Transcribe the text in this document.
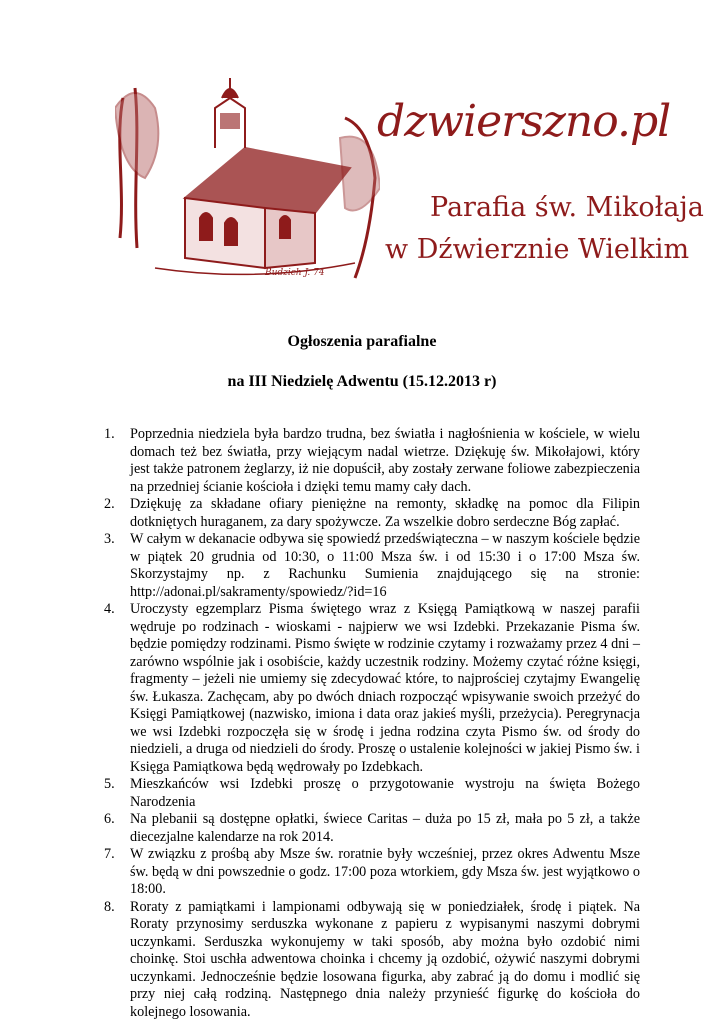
Budzich J. 74
dzwierszno.pl
Parafia św. Mikołaja
w Dźwierznie Wielkim
Ogłoszenia parafialne
na III Niedzielę Adwentu (15.12.2013 r)
1. Poprzednia niedziela była bardzo trudna, bez światła i nagłośnienia w kościele, w wielu domach też bez światła, przy wiejącym nadal wietrze. Dziękuję św. Mikołajowi, który jest także patronem żeglarzy, iż nie dopuścił, aby zostały zerwane foliowe zabezpieczenia na przedniej ścianie kościoła i dzięki temu mamy cały dach.
2. Dziękuję za składane ofiary pieniężne na remonty, składkę na pomoc dla Filipin dotkniętych huraganem, za dary spożywcze. Za wszelkie dobro serdeczne Bóg zapłać.
3. W całym w dekanacie odbywa się spowiedź przedświąteczna – w naszym kościele będzie w piątek 20 grudnia od 10:30, o 11:00 Msza św. i od 15:30 i o 17:00 Msza św. Skorzystajmy np. z Rachunku Sumienia znajdującego się na stronie: http://adonai.pl/sakramenty/spowiedz/?id=16
4. Uroczysty egzemplarz Pisma świętego wraz z Księgą Pamiątkową w naszej parafii wędruje po rodzinach - wioskami - najpierw we wsi Izdebki. Przekazanie Pisma św. będzie pomiędzy rodzinami. Pismo święte w rodzinie czytamy i rozważamy przez 4 dni – zarówno wspólnie jak i osobiście, każdy uczestnik rodziny. Możemy czytać różne księgi, fragmenty – jeżeli nie umiemy się zdecydować które, to najprościej czytajmy Ewangelię św. Łukasza. Zachęcam, aby po dwóch dniach rozpocząć wpisywanie swoich przeżyć do Księgi Pamiątkowej (nazwisko, imiona i data oraz jakieś myśli, przeżycia). Peregrynacja we wsi Izdebki rozpoczęła się w środę i jedna rodzina czyta Pismo św. od środy do niedzieli, a druga od niedzieli do środy. Proszę o ustalenie kolejności w jakiej Pismo św. i Księga Pamiątkowa będą wędrowały po Izdebkach.
5. Mieszkańców wsi Izdebki proszę o przygotowanie wystroju na święta Bożego Narodzenia
6. Na plebanii są dostępne opłatki, świece Caritas – duża po 15 zł, mała po 5 zł, a także diecezjalne kalendarze na rok 2014.
7. W związku z prośbą aby Msze św. roratnie były wcześniej, przez okres Adwentu Msze św. będą w dni powszednie o godz. 17:00 poza wtorkiem, gdy Msza św. jest wyjątkowo o 18:00.
8. Roraty z pamiątkami i lampionami odbywają się w poniedziałek, środę i piątek. Na Roraty przynosimy serduszka wykonane z papieru z wypisanymi naszymi dobrymi uczynkami. Serduszka wykonujemy w taki sposób, aby można było ozdobić nimi choinkę. Stoi uschła adwentowa choinka i chcemy ją ozdobić, ożywić naszymi dobrymi uczynkami. Jednocześnie będzie losowana figurka, aby zabrać ją do domu i modlić się przy niej całą rodziną. Następnego dnia należy przynieść figurkę do kościoła do kolejnego losowania.
